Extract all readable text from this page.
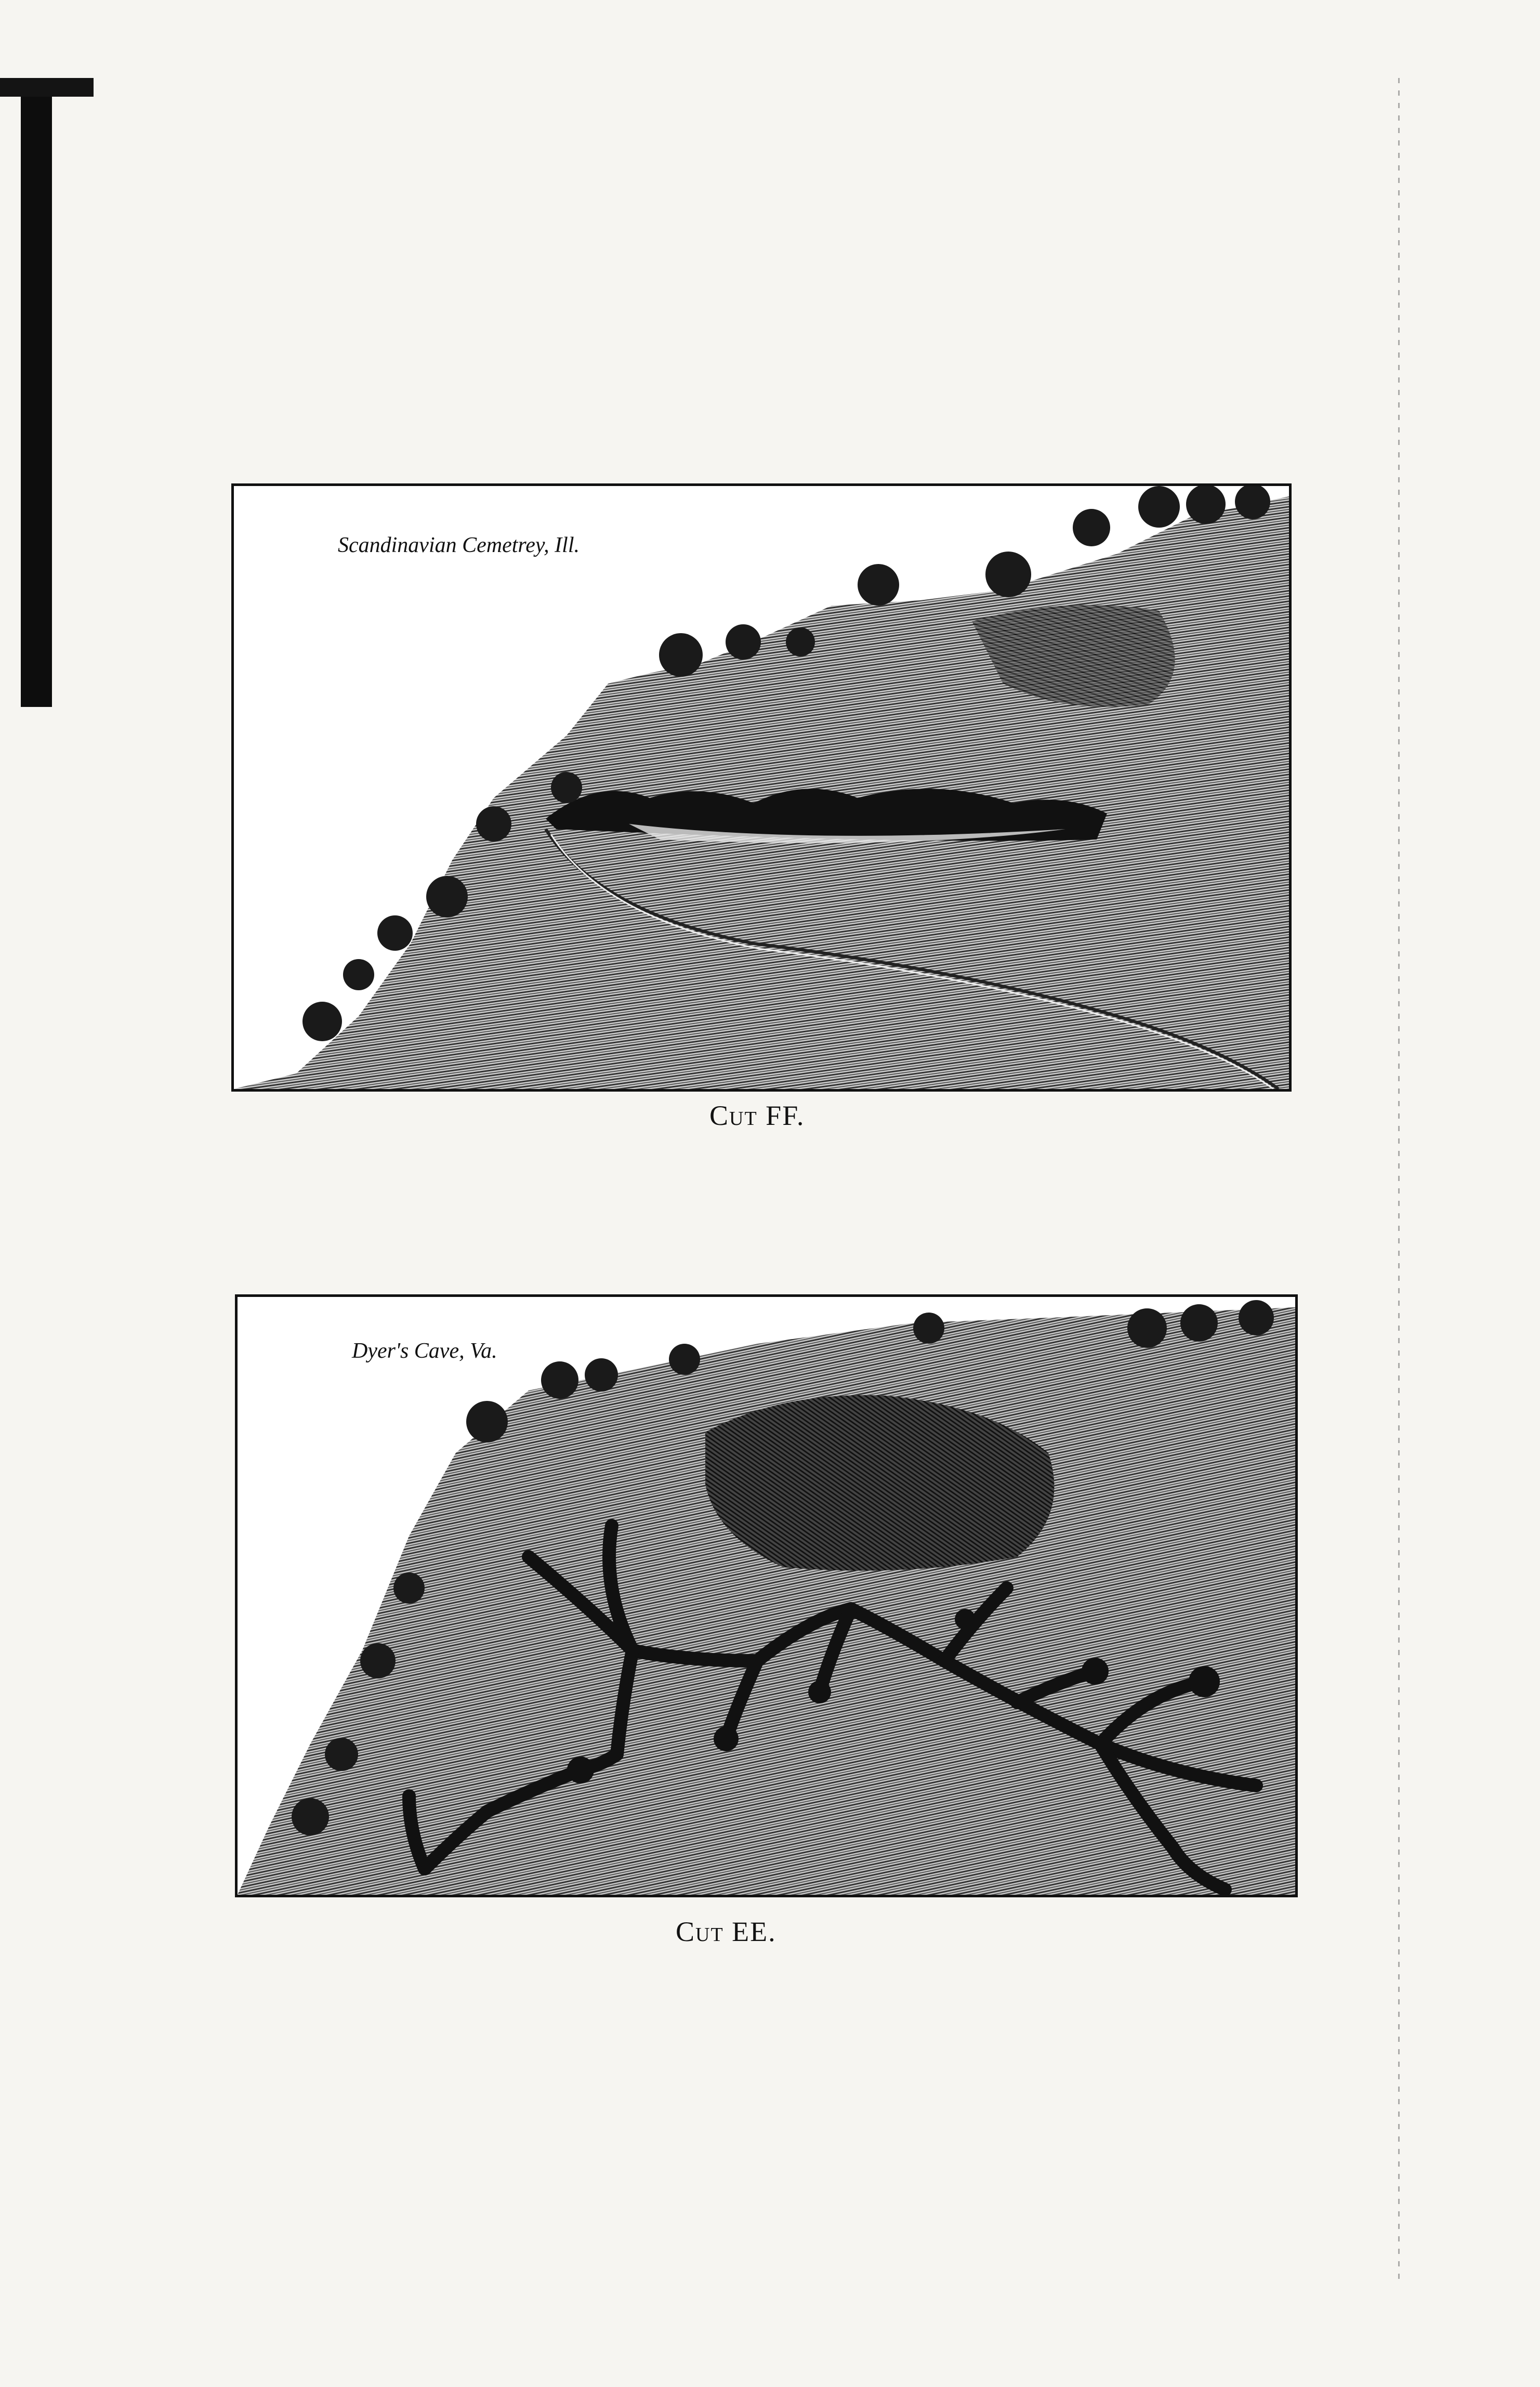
Scandinavian Cemetrey, Ill.
Cut FF.
Dyer's Cave, Va.
Cut EE.
